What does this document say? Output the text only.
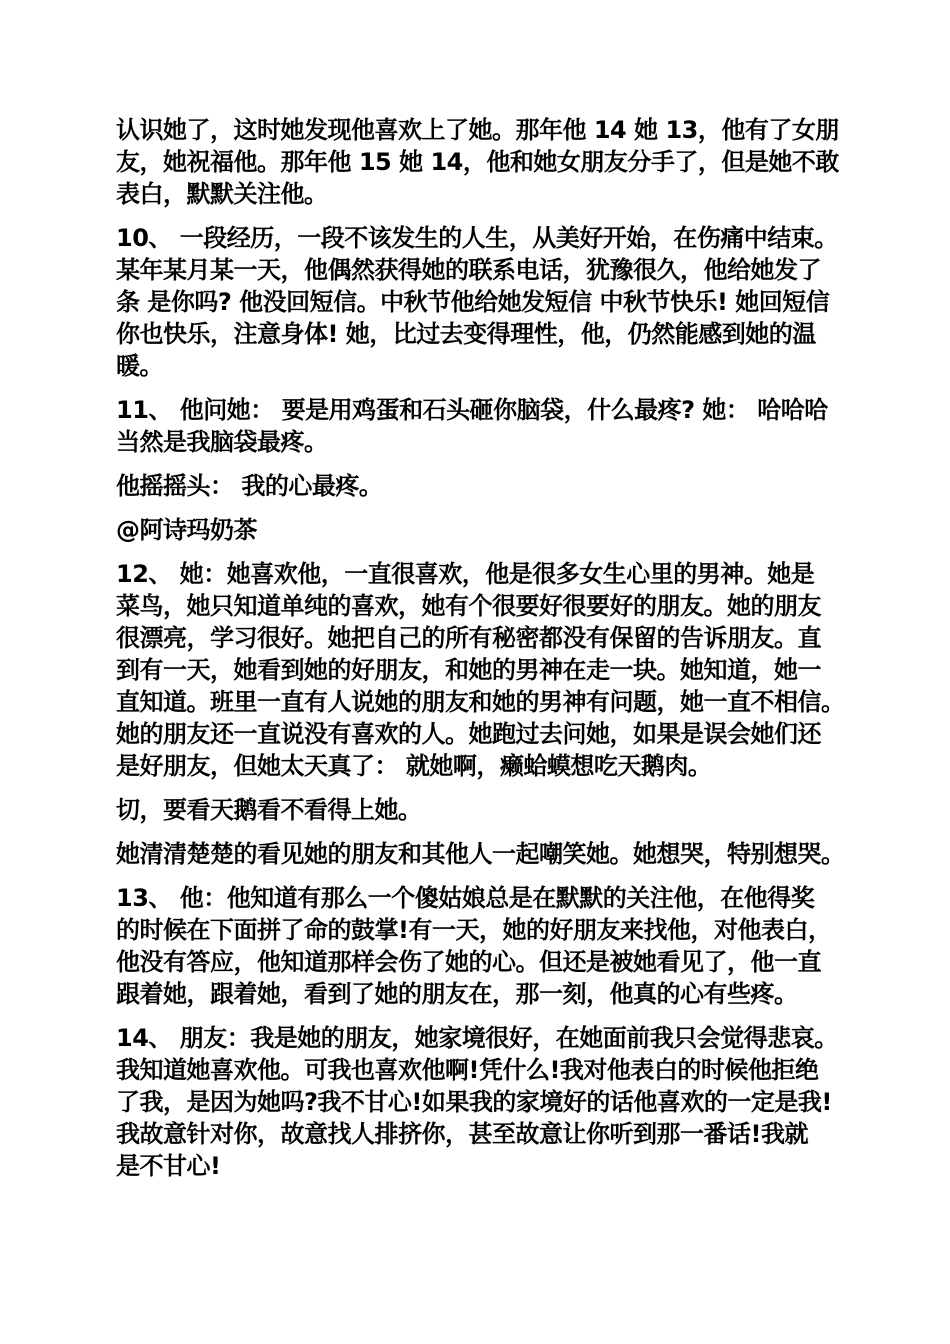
认识她了，这时她发现他喜欢上了她。那年他 14 她 13，他有了女朋
友，她祝福他。那年他 15 她 14，他和她女朋友分手了，但是她不敢
表白，默默关注他。

10、 一段经历，一段不该发生的人生，从美好开始，在伤痛中结束。
某年某月某一天，他偶然获得她的联系电话，犹豫很久，他给她发了
条 是你吗? 他没回短信。中秋节他给她发短信 中秋节快乐! 她回短信
你也快乐，注意身体! 她，比过去变得理性，他，仍然能感到她的温
暖。

11、 他问她： 要是用鸡蛋和石头砸你脑袋，什么最疼? 她： 哈哈哈
当然是我脑袋最疼。

他摇摇头： 我的心最疼。

@阿诗玛奶茶

12、 她：她喜欢他，一直很喜欢，他是很多女生心里的男神。她是
菜鸟，她只知道单纯的喜欢，她有个很要好很要好的朋友。她的朋友
很漂亮，学习很好。她把自己的所有秘密都没有保留的告诉朋友。直
到有一天，她看到她的好朋友，和她的男神在走一块。她知道，她一
直知道。班里一直有人说她的朋友和她的男神有问题，她一直不相信。
她的朋友还一直说没有喜欢的人。她跑过去问她，如果是误会她们还
是好朋友，但她太天真了： 就她啊，癞蛤蟆想吃天鹅肉。

切，要看天鹅看不看得上她。

她清清楚楚的看见她的朋友和其他人一起嘲笑她。她想哭，特别想哭。

13、 他：他知道有那么一个傻姑娘总是在默默的关注他，在他得奖
的时候在下面拼了命的鼓掌!有一天，她的好朋友来找他，对他表白，
他没有答应，他知道那样会伤了她的心。但还是被她看见了，他一直
跟着她，跟着她，看到了她的朋友在，那一刻，他真的心有些疼。

14、 朋友：我是她的朋友，她家境很好，在她面前我只会觉得悲哀。
我知道她喜欢他。可我也喜欢他啊!凭什么!我对他表白的时候他拒绝
了我，是因为她吗?我不甘心!如果我的家境好的话他喜欢的一定是我!
我故意针对你，故意找人排挤你，甚至故意让你听到那一番话!我就
是不甘心!
